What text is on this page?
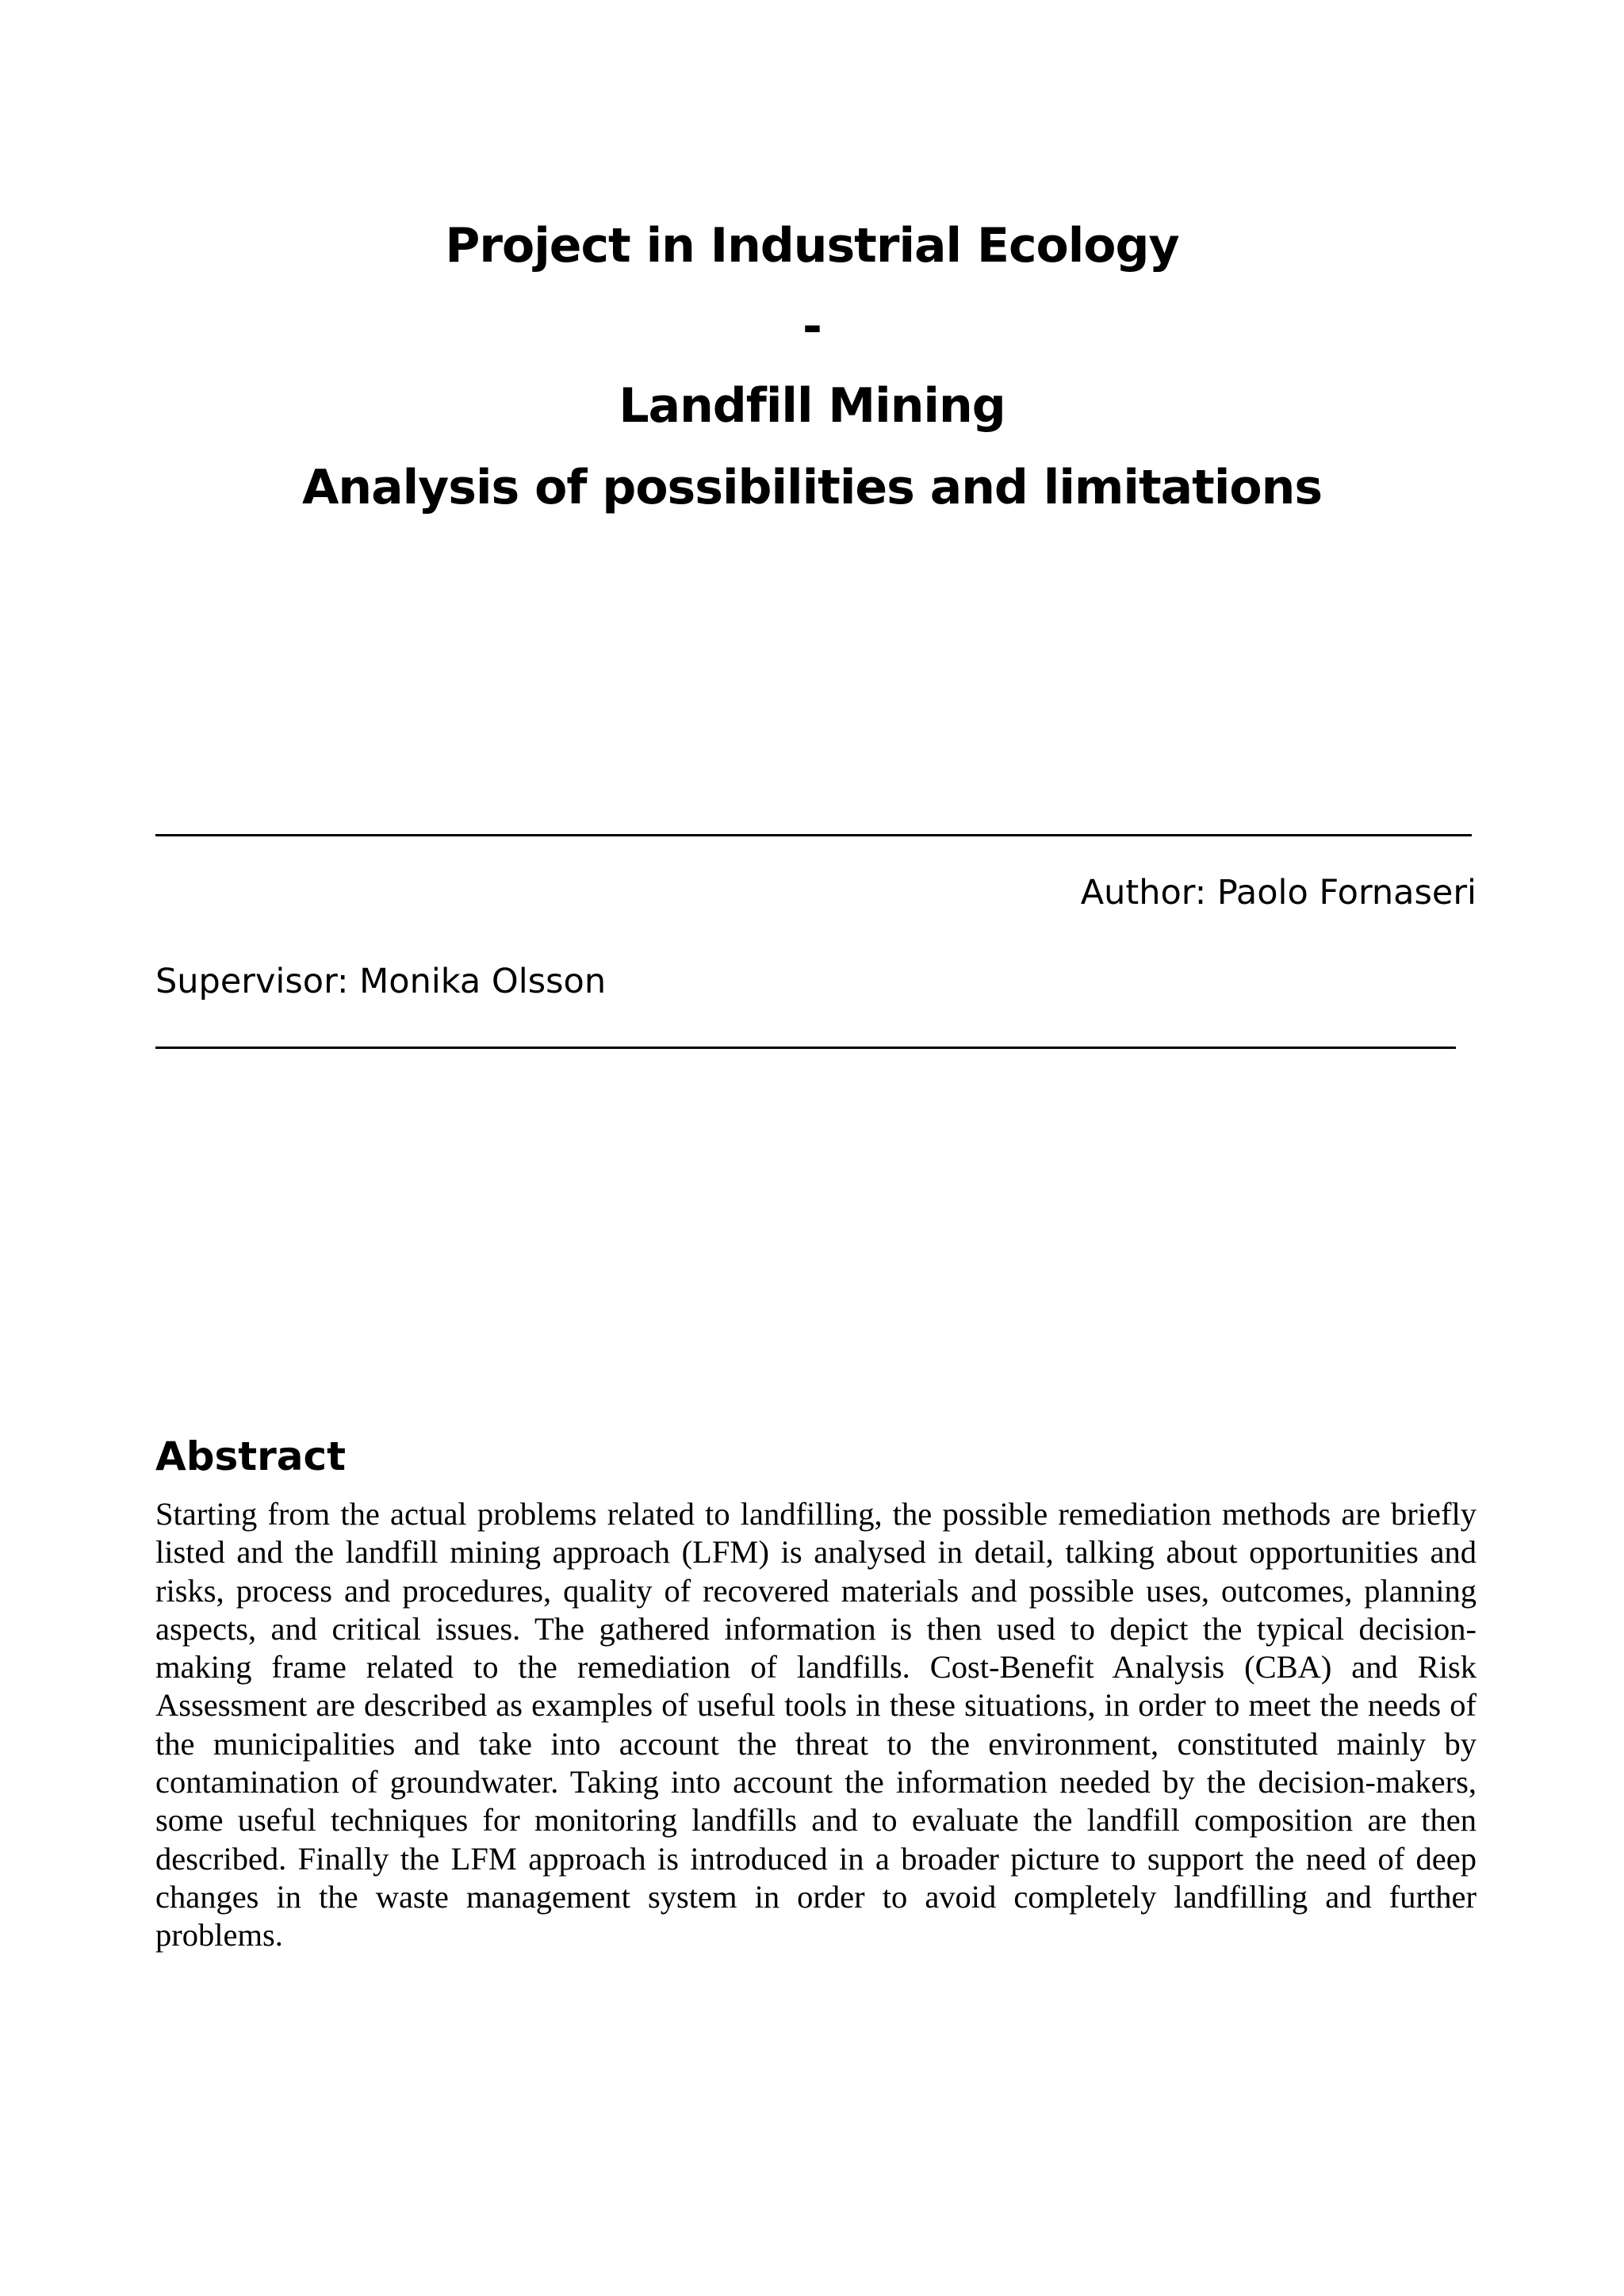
Project in Industrial Ecology
-
Landfill Mining
Analysis of possibilities and limitations

Author: Paolo Fornaseri

Supervisor: Monika Olsson

Abstract

Starting from the actual problems related to landfilling, the possible remediation methods are briefly listed and the landfill mining approach (LFM) is analysed in detail, talking about opportunities and risks, process and procedures, quality of recovered materials and possible uses, outcomes, planning aspects, and critical issues. The gathered information is then used to depict the typical decision-making frame related to the remediation of landfills. Cost-Benefit Analysis (CBA) and Risk Assessment are described as examples of useful tools in these situations, in order to meet the needs of the municipalities and take into account the threat to the environment, constituted mainly by contamination of groundwater. Taking into account the information needed by the decision-makers, some useful techniques for monitoring landfills and to evaluate the landfill composition are then described. Finally the LFM approach is introduced in a broader picture to support the need of deep changes in the waste management system in order to avoid completely landfilling and further problems.
